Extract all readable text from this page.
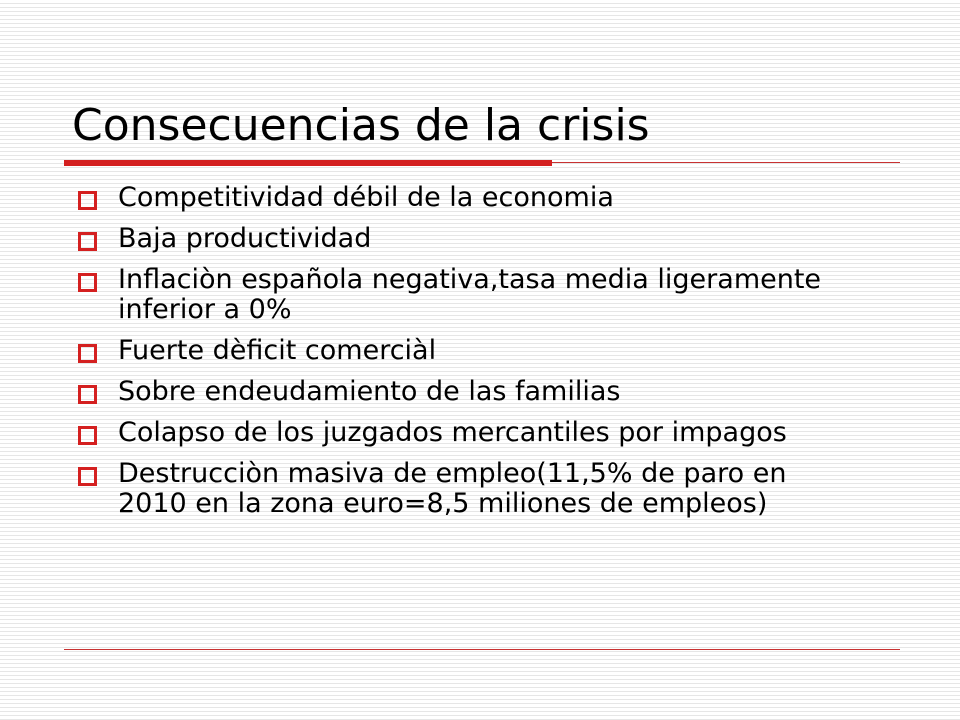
Consecuencias de la crisis
Competitividad débil de la economia
Baja productividad
Inflaciòn española negativa,tasa media ligeramente inferior a 0%
Fuerte dèficit comerciàl
Sobre endeudamiento de las familias
Colapso de los juzgados mercantiles por impagos
Destrucciòn masiva de empleo(11,5% de paro en 2010 en la zona euro=8,5 miliones de empleos)
